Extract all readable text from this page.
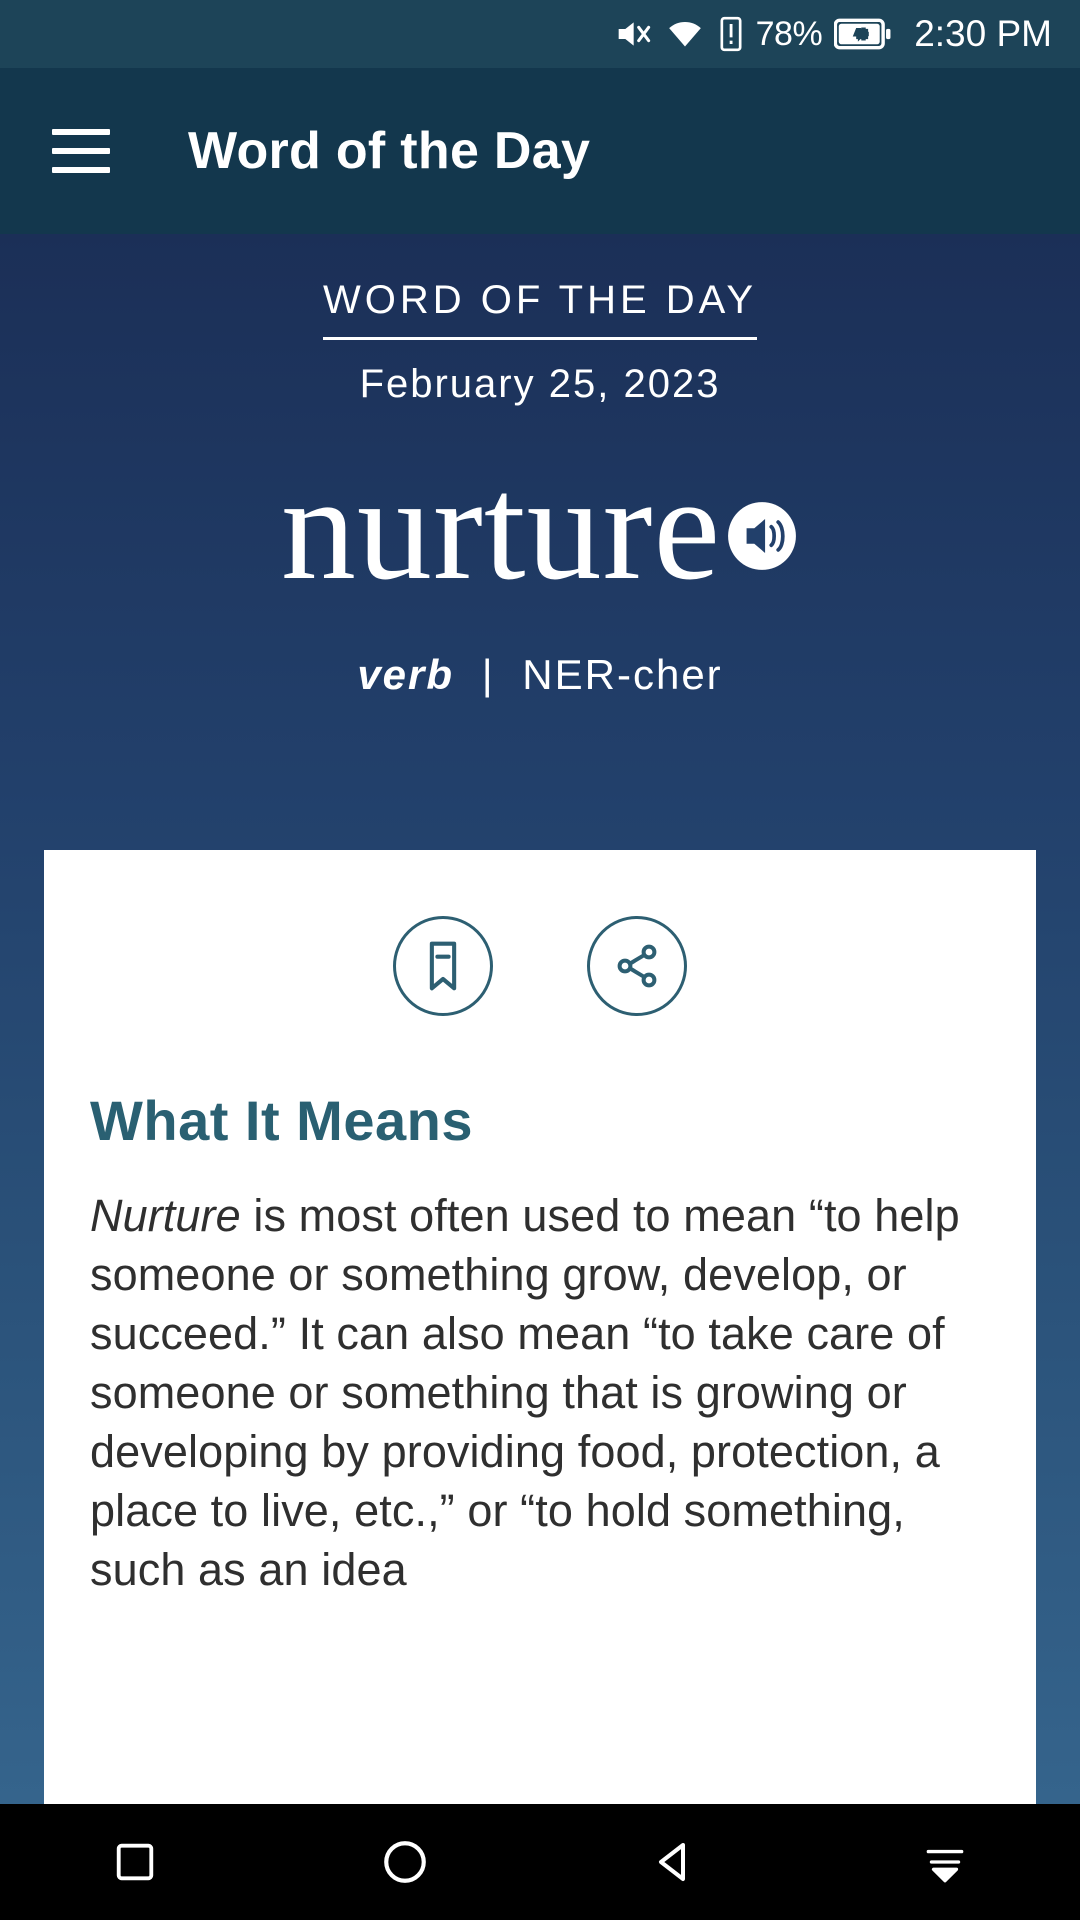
78% 2:30 PM
Word of the Day
WORD OF THE DAY
February 25, 2023
nurture
verb | NER-cher
What It Means
Nurture is most often used to mean “to help someone or something grow, develop, or succeed.” It can also mean “to take care of someone or something that is growing or developing by providing food, protection, a place to live, etc.,” or “to hold something, such as an idea
